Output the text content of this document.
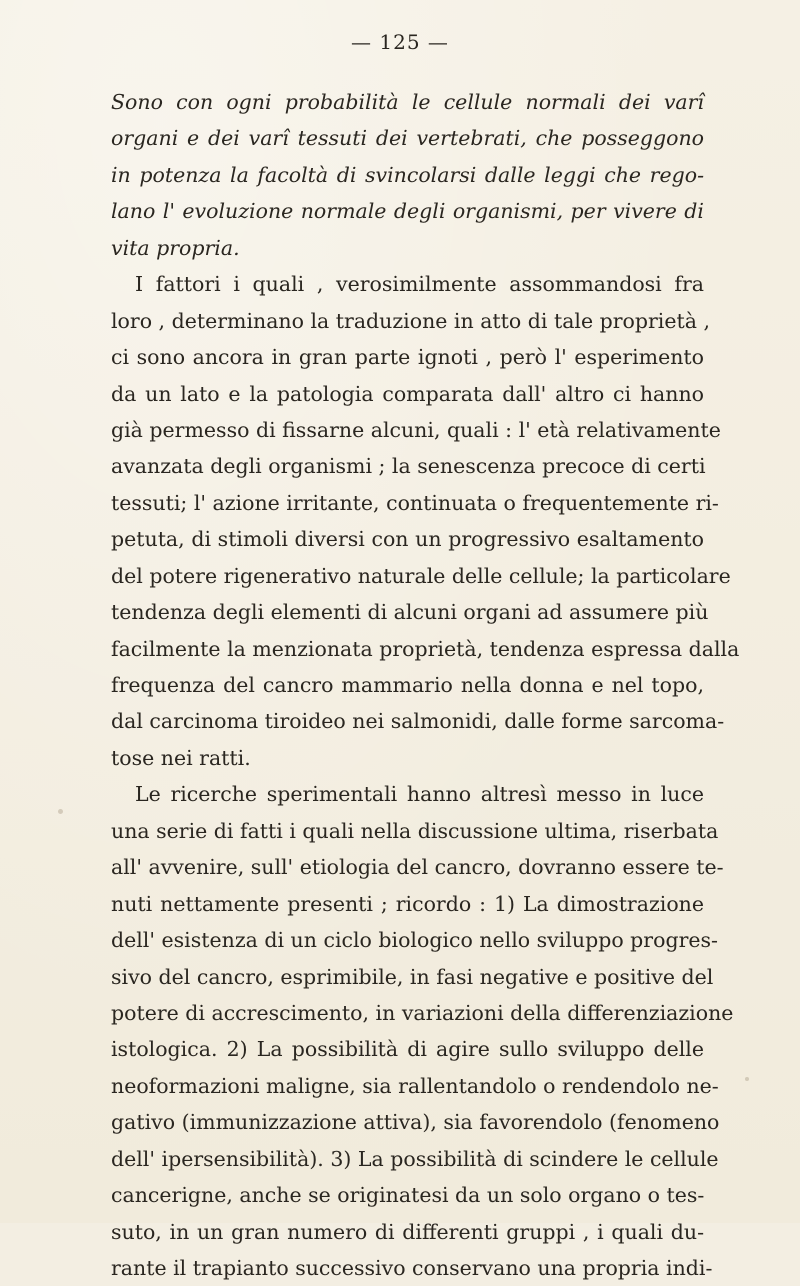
— 125 —
Sono con ogni probabilità le cellule normali dei varî
organi e dei varî tessuti dei vertebrati, che posseggono
in potenza la facoltà di svincolarsi dalle leggi che rego-
lano l' evoluzione normale degli organismi, per vivere di
vita propria.
I fattori i quali , verosimilmente assommandosi fra
loro , determinano la traduzione in atto di tale proprietà ,
ci sono ancora in gran parte ignoti , però l' esperimento
da un lato e la patologia comparata dall' altro ci hanno
già permesso di fissarne alcuni, quali : l' età relativamente
avanzata degli organismi ; la senescenza precoce di certi
tessuti; l' azione irritante, continuata o frequentemente ri-
petuta, di stimoli diversi con un progressivo esaltamento
del potere rigenerativo naturale delle cellule; la particolare
tendenza degli elementi di alcuni organi ad assumere più
facilmente la menzionata proprietà, tendenza espressa dalla
frequenza del cancro mammario nella donna e nel topo,
dal carcinoma tiroideo nei salmonidi, dalle forme sarcoma-
tose nei ratti.
Le ricerche sperimentali hanno altresì messo in luce
una serie di fatti i quali nella discussione ultima, riserbata
all' avvenire, sull' etiologia del cancro, dovranno essere te-
nuti nettamente presenti ; ricordo : 1) La dimostrazione
dell' esistenza di un ciclo biologico nello sviluppo progres-
sivo del cancro, esprimibile, in fasi negative e positive del
potere di accrescimento, in variazioni della differenziazione
istologica. 2) La possibilità di agire sullo sviluppo delle
neoformazioni maligne, sia rallentandolo o rendendolo ne-
gativo (immunizzazione attiva), sia favorendolo (fenomeno
dell' ipersensibilità). 3) La possibilità di scindere le cellule
cancerigne, anche se originatesi da un solo organo o tes-
suto, in un gran numero di differenti gruppi , i quali du-
rante il trapianto successivo conservano una propria indi-
